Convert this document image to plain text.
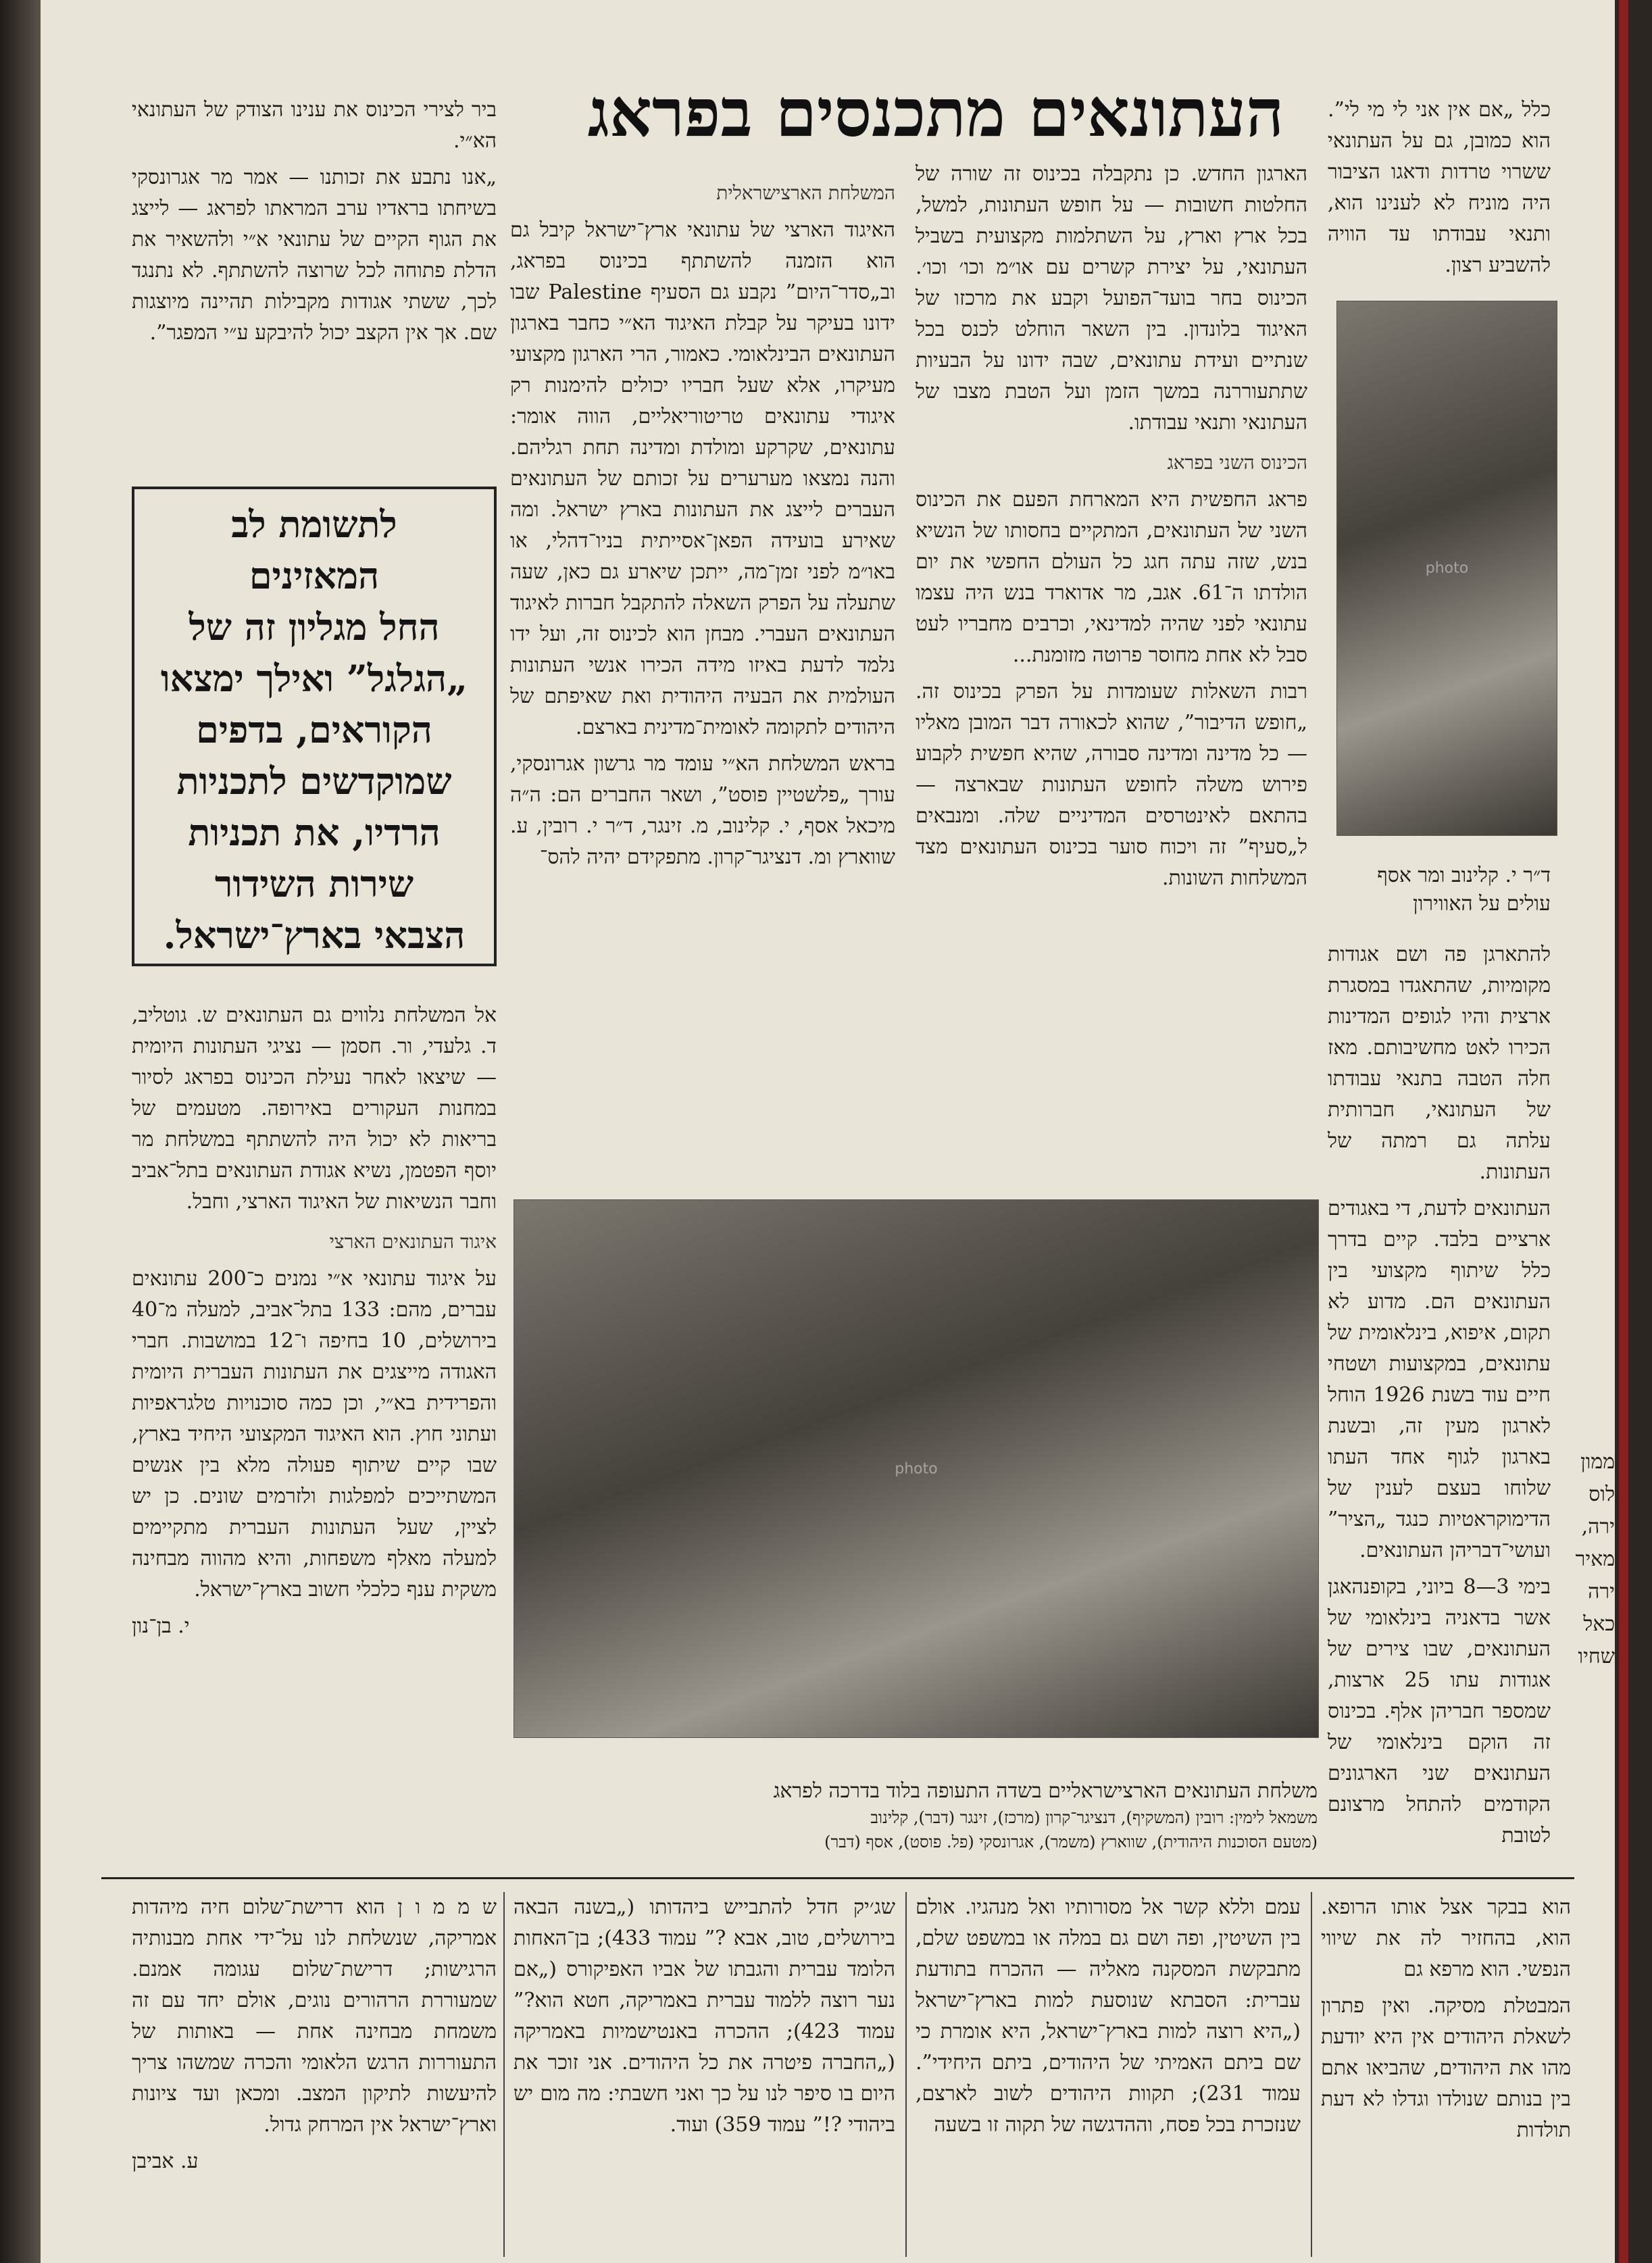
העתונאים מתכנסים בפראג	כלל „אם אין אני לי מי לי”. הוא כמובן, גם על העתונאי ששרוי טרדות ודאגו הציבור היה מוניח לא לענינו הוא, ותנאי עבודתו עד הוויה להשביע רצון.

photo
ד״ר י. קלינוב ומר אסף עולים על האווירון

להתארגן פה ושם אגודות מקומיות, שהתאגדו במסגרת ארצית והיו לגופים המדינות הכירו לאט מחשיבותם. מאז חלה הטבה בתנאי עבודתו של העתונאי, חברותית עלתה גם רמתה של העתונות.

העתונאים לדעת, די באגודים ארציים בלבד. קיים בדרך כלל שיתוף מקצועי בין העתונאים הם. מדוע לא תקום, איפוא, בינלאומית של עתונאים, במקצועות ושטחי חיים עוד בשנת 1926 הוחל לארגון מעין זה, ובשנת בארגון לגוף אחד העתו שלוחו בעצם לענין של הדימוקראטיות כנגד „הציר” ועושי־דבריהן העתונאים.

בימי 3—8 ביוני, בקופנהאגן אשר בדאניה בינלאומי של העתונאים, שבו צירים של אגודות עתו 25 ארצות, שמספר חבריהן אלף. בכינוס זה הוקם בינלאומי של העתונאים שני הארגונים הקודמים להתחל מרצונם לטובת

הארגון החדש. כן נתקבלה בכינוס זה שורה של החלטות חשובות — על חופש העתונות, למשל, בכל ארץ וארץ, על השתלמות מקצועית בשביל העתונאי, על יצירת קשרים עם או״מ וכו׳ וכו׳. הכינוס בחר בועד־הפועל וקבע את מרכזו של האיגוד בלונדון. בין השאר הוחלט לכנס בכל שנתיים ועידת עתונאים, שבה ידונו על הבעיות שתתעוררנה במשך הזמן ועל הטבת מצבו של העתונאי ותנאי עבודתו.

הכינוס השני בפראג

פראג החפשית היא המארחת הפעם את הכינוס השני של העתונאים, המתקיים בחסותו של הנשיא בנש, שזה עתה חגג כל העולם החפשי את יום הולדתו ה־61. אגב, מר אדוארד בנש היה עצמו עתונאי לפני שהיה למדינאי, וכרבים מחבריו לעט סבל לא אחת מחוסר פרוטה מזומנת...

רבות השאלות שעומדות על הפרק בכינוס זה. „חופש הדיבור”, שהוא לכאורה דבר המובן מאליו — כל מדינה ומדינה סבורה, שהיא חפשית לקבוע פירוש משלה לחופש העתונות שבארצה — בהתאם לאינטרסים המדיניים שלה. ומנבאים ל„סעיף” זה ויכוח סוער בכינוס העתונאים מצד המשלחות השונות.

המשלחת הארצישראלית

האיגוד הארצי של עתונאי ארץ־ישראל קיבל גם הוא הזמנה להשתתף בכינוס בפראג, וב„סדר־היום” נקבע גם הסעיף Palestine שבו ידונו בעיקר על קבלת האיגוד הא״י כחבר בארגון העתונאים הבינלאומי. כאמור, הרי הארגון מקצועי מעיקרו, אלא שעל חבריו יכולים להימנות רק איגודי עתונאים טריטוריאליים, הווה אומר: עתונאים, שקרקע ומולדת ומדינה תחת רגליהם. והנה נמצאו מערערים על זכותם של העתונאים העברים לייצג את העתונות בארץ ישראל. ומה שאירע בועידה הפאן־אסייתית בניו־דהלי, או באו״מ לפני זמן־מה, ייתכן שיארע גם כאן, שעה שתעלה על הפרק השאלה להתקבל חברות לאיגוד העתונאים העברי. מבחן הוא לכינוס זה, ועל ידו נלמד לדעת באיזו מידה הכירו אנשי העתונות העולמית את הבעיה היהודית ואת שאיפתם של היהודים לתקומה לאומית־מדינית בארצם.

בראש המשלחת הא״י עומד מר גרשון אגרונסקי, עורך „פלשטיין פוסט”, ושאר החברים הם: ה״ה מיכאל אסף, י. קלינוב, מ. זינגר, ד״ר י. רובין, ע. שווארץ ומ. דנציגר־קרון. מתפקידם יהיה להס־

ביר לצירי הכינוס את ענינו הצודק של העתונאי הא״י.

„אנו נתבע את זכותנו — אמר מר אגרונסקי בשיחתו בראדיו ערב המראתו לפראג — לייצג את הגוף הקיים של עתונאי א״י ולהשאיר את הדלת פתוחה לכל שרוצה להשתתף. לא נתנגד לכך, ששתי אגודות מקבילות תהיינה מיוצגות שם. אך אין הקצב יכול להיבקע ע״י המפגר”.

לתשומת לב

המאזינים

החל מגליון זה של

„הגלגל” ואילך ימצאו

הקוראים, בדפים

שמוקדשים לתכניות

הרדיו, את תכניות

שירות השידור

הצבאי בארץ־ישראל.

אל המשלחת נלווים גם העתונאים ש. גוטליב, ד. גלעדי, ור. חסמן — נציגי העתונות היומית — שיצאו לאחר נעילת הכינוס בפראג לסיור במחנות העקורים באירופה. מטעמים של בריאות לא יכול היה להשתתף במשלחת מר יוסף הפטמן, נשיא אגודת העתונאים בתל־אביב וחבר הנשיאות של האיגוד הארצי, וחבל.

איגוד העתונאים הארצי

על איגוד עתונאי א״י נמנים כ־200 עתונאים עברים, מהם: 133 בתל־אביב, למעלה מ־40 בירושלים, 10 בחיפה ו־12 במושבות. חברי האגודה מייצגים את העתונות העברית היומית והפרידית בא״י, וכן כמה סוכנויות טלגראפיות ועתוני חוץ. הוא האיגוד המקצועי היחיד בארץ, שבו קיים שיתוף פעולה מלא בין אנשים המשתייכים למפלגות ולזרמים שונים. כן יש לציין, שעל העתונות העברית מתקיימים למעלה מאלף משפחות, והיא מהווה מבחינה משקית ענף כלכלי חשוב בארץ־ישראל.

י. בן־נון

photo
משלחת העתונאים הארצישראליים בשדה התעופה בלוד בדרכה לפראג
משמאל לימין: רובין (המשקיף), דנציגר־קרון (מרכז), זינגר (דבר), קלינוב
(מטעם הסוכנות היהודית), שווארץ (משמר), אגרונסקי (פל. פוסט), אסף (דבר)

הוא בבקר אצל אותו הרופא. הוא, בהחזיר לה את שיווי הנפשי. הוא מרפא גם

המבטלת מסיקה. ואין פתרון לשאלת היהודים אין היא יודעת מהו את היהודים, שהביאו אתם בין בנותם שנולדו וגדלו לא דעת תולדות

עמם וללא קשר אל מסורותיו ואל מנהגיו. אולם בין השיטין, ופה ושם גם במלה או במשפט שלם, מתבקשת המסקנה מאליה — ההכרח בתודעת עברית: הסבתא שנוסעת למות בארץ־ישראל („היא רוצה למות בארץ־ישראל, היא אומרת כי שם ביתם האמיתי של היהודים, ביתם היחידי”. עמוד 231); תקוות היהודים לשוב לארצם, שנזכרת בכל פסח, וההדגשה של תקוה זו בשעה

שג׳יק חדל להתבייש ביהדותו („בשנה הבאה בירושלים, טוב, אבא ?” עמוד 433); בן־האחות הלומד עברית והגבתו של אביו האפיקורס („אם נער רוצה ללמוד עברית באמריקה, חטא הוא?” עמוד 423); ההכרה באנטישמיות באמריקה („החברה פיטרה את כל היהודים. אני זוכר את היום בו סיפר לנו על כך ואני חשבתי: מה מום יש ביהודי ?!” עמוד 359) ועוד.

ש מ מ ו ן הוא דרישת־שלום חיה מיהדות אמריקה, שנשלחת לנו על־ידי אחת מבנותיה הרגישות; דרישת־שלום עגומה אמנם. שמעוררת הרהורים נוגים, אולם יחד עם זה משמחת מבחינה אחת — באותות של התעוררות הרגש הלאומי והכרה שמשהו צריך להיעשות לתיקון המצב. ומכאן ועד ציונות וארץ־ישראל אין המרחק גדול.

ע. אביבן

ממון
לוס
ירה,
מאיר
ירה
כאל
שחיו
